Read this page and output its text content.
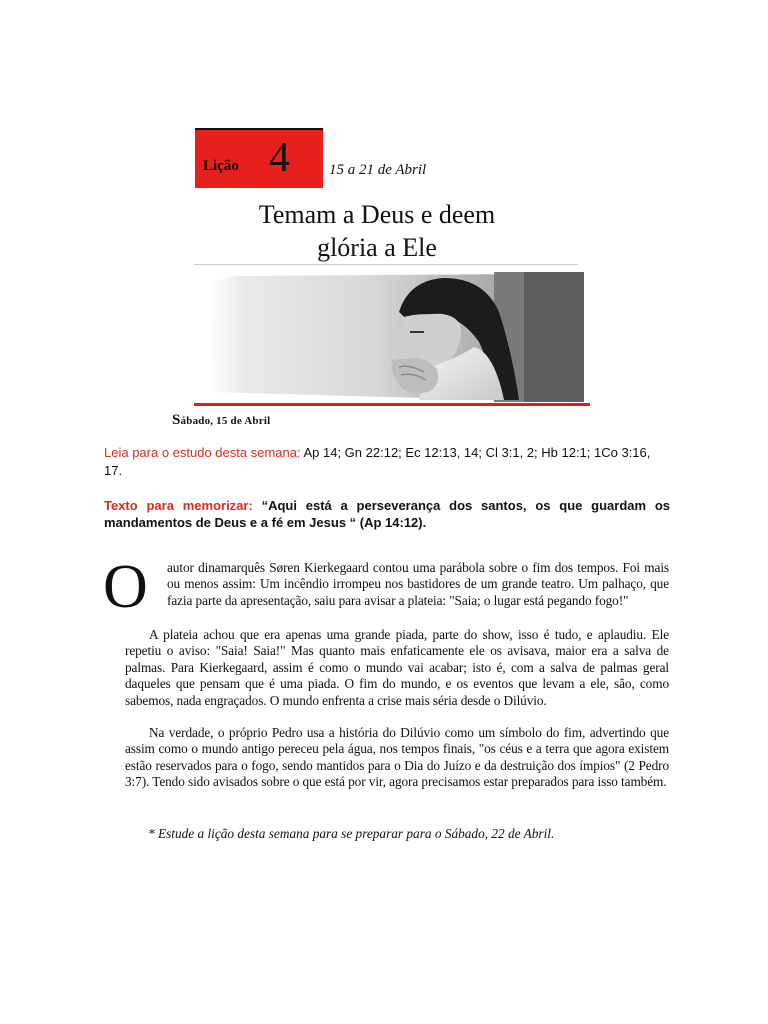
Lição 4	15 a 21 de Abril
Temam a Deus e deem
glória a Ele
Sábado, 15 de Abril
Leia para o estudo desta semana: Ap 14; Gn 22:12; Ec 12:13, 14; Cl 3:1, 2; Hb 12:1; 1Co 3:16, 17.
Texto para memorizar: “Aqui está a perseverança dos santos, os que guardam os mandamentos de Deus e a fé em Jesus “ (Ap 14:12).
O autor dinamarquês Søren Kierkegaard contou uma parábola sobre o fim dos tempos. Foi mais ou menos assim: Um incêndio irrompeu nos bastidores de um grande teatro. Um palhaço, que fazia parte da apresentação, saiu para avisar a plateia: "Saia; o lugar está pegando fogo!"
A plateia achou que era apenas uma grande piada, parte do show, isso é tudo, e aplaudiu. Ele repetiu o aviso: "Saia! Saia!" Mas quanto mais enfaticamente ele os avisava, maior era a salva de palmas. Para Kierkegaard, assim é como o mundo vai acabar; isto é, com a salva de palmas geral daqueles que pensam que é uma piada. O fim do mundo, e os eventos que levam a ele, são, como sabemos, nada engraçados. O mundo enfrenta a crise mais séria desde o Dilúvio.
Na verdade, o próprio Pedro usa a história do Dilúvio como um símbolo do fim, advertindo que assim como o mundo antigo pereceu pela água, nos tempos finais, "os céus e a terra que agora existem estão reservados para o fogo, sendo mantidos para o Dia do Juízo e da destruição dos ímpios" (2 Pedro 3:7). Tendo sido avisados sobre o que está por vir, agora precisamos estar preparados para isso também.
* Estude a lição desta semana para se preparar para o Sábado, 22 de Abril.
